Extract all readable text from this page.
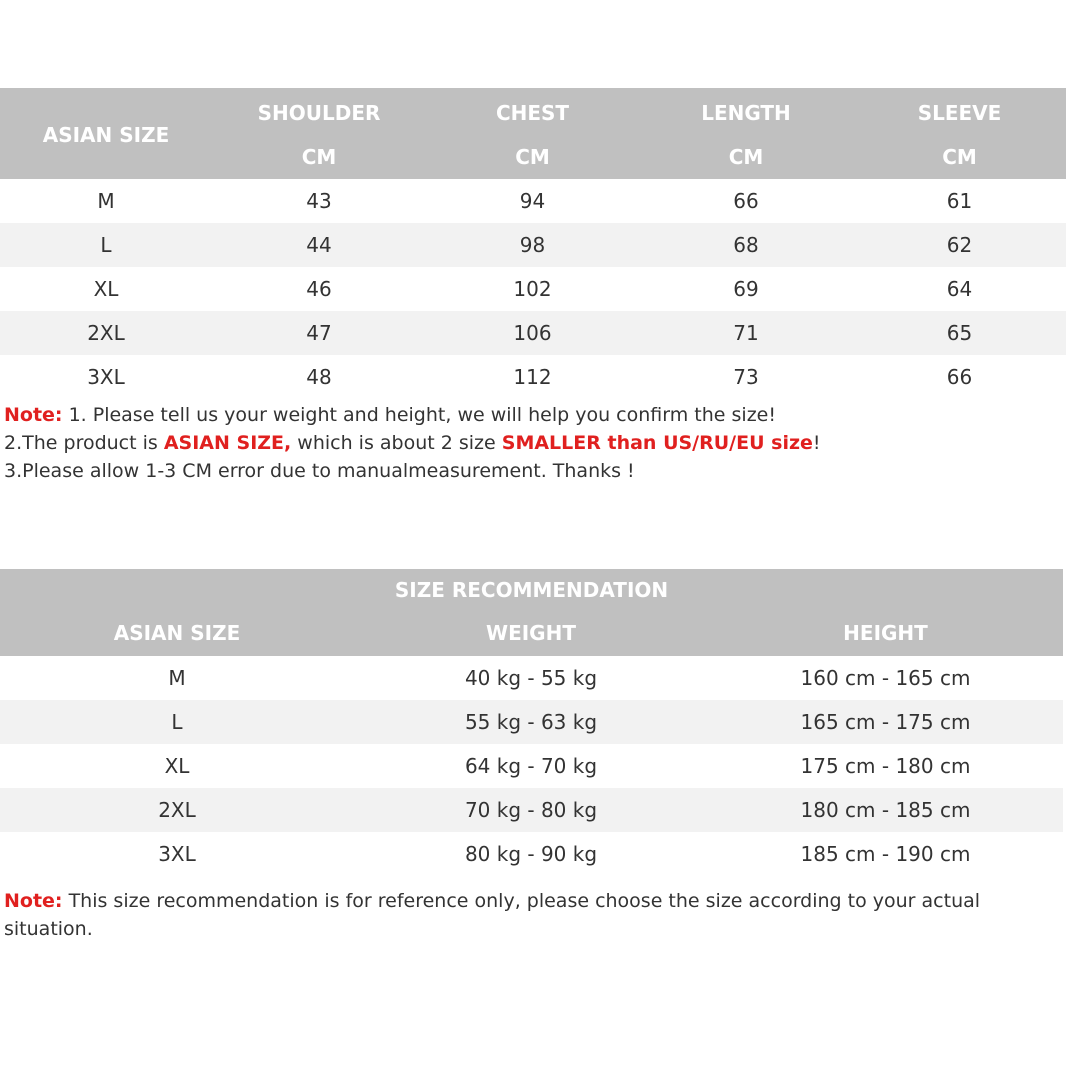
ASIAN SIZE	SHOULDER	CHEST	LENGTH	SLEEVE
	CM	CM	CM	CM
M	43	94	66	61
L	44	98	68	62
XL	46	102	69	64
2XL	47	106	71	65
3XL	48	112	73	66
Note: 1. Please tell us your weight and height, we will help you confirm the size!
2.The product is ASIAN SIZE, which is about 2 size SMALLER than US/RU/EU size!
3.Please allow 1-3 CM error due to manualmeasurement. Thanks !
SIZE RECOMMENDATION		
ASIAN SIZE	WEIGHT	HEIGHT
M	40 kg - 55 kg	160 cm - 165 cm
L	55 kg - 63 kg	165 cm - 175 cm
XL	64 kg - 70 kg	175 cm - 180 cm
2XL	70 kg - 80 kg	180 cm - 185 cm
3XL	80 kg - 90 kg	185 cm - 190 cm
Note: This size recommendation is for reference only, please choose the size according to your actual situation.
